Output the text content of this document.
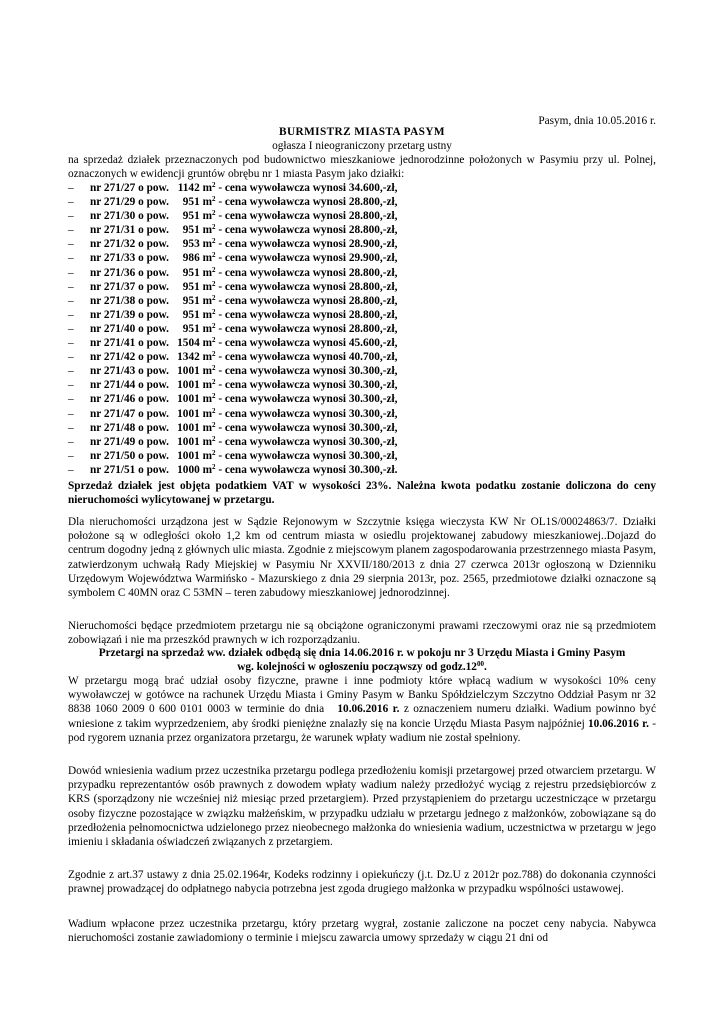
Pasym, dnia 10.05.2016 r.
BURMISTRZ MIASTA PASYM
ogłasza I nieograniczony przetarg ustny
na sprzedaż działek przeznaczonych pod budownictwo mieszkaniowe jednorodzinne położonych w Pasymiu przy ul. Polnej, oznaczonych w ewidencji gruntów obrębu nr 1 miasta Pasym jako działki:
– nr 271/27 o pow. 1142 $m^2$ - cena wywoławcza wynosi 34.600,-zł,
– nr 271/29 o pow. 951 $m^2$ - cena wywoławcza wynosi 28.800,-zł,
– nr 271/30 o pow. 951 $m^2$ - cena wywoławcza wynosi 28.800,-zł,
– nr 271/31 o pow. 951 $m^2$ - cena wywoławcza wynosi 28.800,-zł,
– nr 271/32 o pow. 953 $m^2$ - cena wywoławcza wynosi 28.900,-zł,
– nr 271/33 o pow. 986 $m^2$ - cena wywoławcza wynosi 29.900,-zł,
– nr 271/36 o pow. 951 $m^2$ - cena wywoławcza wynosi 28.800,-zł,
– nr 271/37 o pow. 951 $m^2$ - cena wywoławcza wynosi 28.800,-zł,
– nr 271/38 o pow. 951 $m^2$ - cena wywoławcza wynosi 28.800,-zł,
– nr 271/39 o pow. 951 $m^2$ - cena wywoławcza wynosi 28.800,-zł,
– nr 271/40 o pow. 951 $m^2$ - cena wywoławcza wynosi 28.800,-zł,
– nr 271/41 o pow. 1504 $m^2$ - cena wywoławcza wynosi 45.600,-zł,
– nr 271/42 o pow. 1342 $m^2$ - cena wywoławcza wynosi 40.700,-zł,
– nr 271/43 o pow. 1001 $m^2$ - cena wywoławcza wynosi 30.300,-zł,
– nr 271/44 o pow. 1001 $m^2$ - cena wywoławcza wynosi 30.300,-zł,
– nr 271/46 o pow. 1001 $m^2$ - cena wywoławcza wynosi 30.300,-zł,
– nr 271/47 o pow. 1001 $m^2$ - cena wywoławcza wynosi 30.300,-zł,
– nr 271/48 o pow. 1001 $m^2$ - cena wywoławcza wynosi 30.300,-zł,
– nr 271/49 o pow. 1001 $m^2$ - cena wywoławcza wynosi 30.300,-zł,
– nr 271/50 o pow. 1001 $m^2$ - cena wywoławcza wynosi 30.300,-zł,
– nr 271/51 o pow. 1000 $m^2$ - cena wywoławcza wynosi 30.300,-zł.
Sprzedaż działek jest objęta podatkiem VAT w wysokości 23%. Należna kwota podatku zostanie doliczona do ceny nieruchomości wylicytowanej w przetargu.
Dla nieruchomości urządzona jest w Sądzie Rejonowym w Szczytnie księga wieczysta KW Nr OL1S/00024863/7. Działki położone są w odległości około 1,2 km od centrum miasta w osiedlu projektowanej zabudowy mieszkaniowej..Dojazd do centrum dogodny jedną z głównych ulic miasta. Zgodnie z miejscowym planem zagospodarowania przestrzennego miasta Pasym, zatwierdzonym uchwałą Rady Miejskiej w Pasymiu Nr XXVII/180/2013 z dnia 27 czerwca 2013r ogłoszoną w Dzienniku Urzędowym Województwa Warmińsko - Mazurskiego z dnia 29 sierpnia 2013r, poz. 2565, przedmiotowe działki oznaczone są symbolem C 40MN oraz C 53MN – teren zabudowy mieszkaniowej jednorodzinnej.
Nieruchomości będące przedmiotem przetargu nie są obciążone ograniczonymi prawami rzeczowymi oraz nie są przedmiotem zobowiązań i nie ma przeszkód prawnych w ich rozporządzaniu.
Przetargi na sprzedaż ww. działek odbędą się dnia 14.06.2016 r. w pokoju nr 3 Urzędu Miasta i Gminy Pasym
wg. kolejności w ogłoszeniu począwszy od $godz.12^{00}$.
W przetargu mogą brać udział osoby fizyczne, prawne i inne podmioty które wpłacą wadium w wysokości 10% ceny wywoławczej w gotówce na rachunek Urzędu Miasta i Gminy Pasym w Banku Spółdzielczym Szczytno Oddział Pasym nr 32 8838 1060 2009 0 600 0101 0003 w terminie do dnia 10.06.2016 r. z oznaczeniem numeru działki. Wadium powinno być wniesione z takim wyprzedzeniem, aby środki pieniężne znalazły się na koncie Urzędu Miasta Pasym najpóźniej 10.06.2016 r. - pod rygorem uznania przez organizatora przetargu, że warunek wpłaty wadium nie został spełniony.
Dowód wniesienia wadium przez uczestnika przetargu podlega przedłożeniu komisji przetargowej przed otwarciem przetargu. W przypadku reprezentantów osób prawnych z dowodem wpłaty wadium należy przedłożyć wyciąg z rejestru przedsiębiorców z KRS (sporządzony nie wcześniej niż miesiąc przed przetargiem). Przed przystąpieniem do przetargu uczestniczące w przetargu osoby fizyczne pozostające w związku małżeńskim, w przypadku udziału w przetargu jednego z małżonków, zobowiązane są do przedłożenia pełnomocnictwa udzielonego przez nieobecnego małżonka do wniesienia wadium, uczestnictwa w przetargu w jego imieniu i składania oświadczeń związanych z przetargiem.
Zgodnie z art.37 ustawy z dnia 25.02.1964r, Kodeks rodzinny i opiekuńczy (j.t. Dz.U z 2012r poz.788) do dokonania czynności prawnej prowadzącej do odpłatnego nabycia potrzebna jest zgoda drugiego małżonka w przypadku wspólności ustawowej.
Wadium wpłacone przez uczestnika przetargu, który przetarg wygrał, zostanie zaliczone na poczet ceny nabycia. Nabywca nieruchomości zostanie zawiadomiony o terminie i miejscu zawarcia umowy sprzedaży w ciągu 21 dni od
